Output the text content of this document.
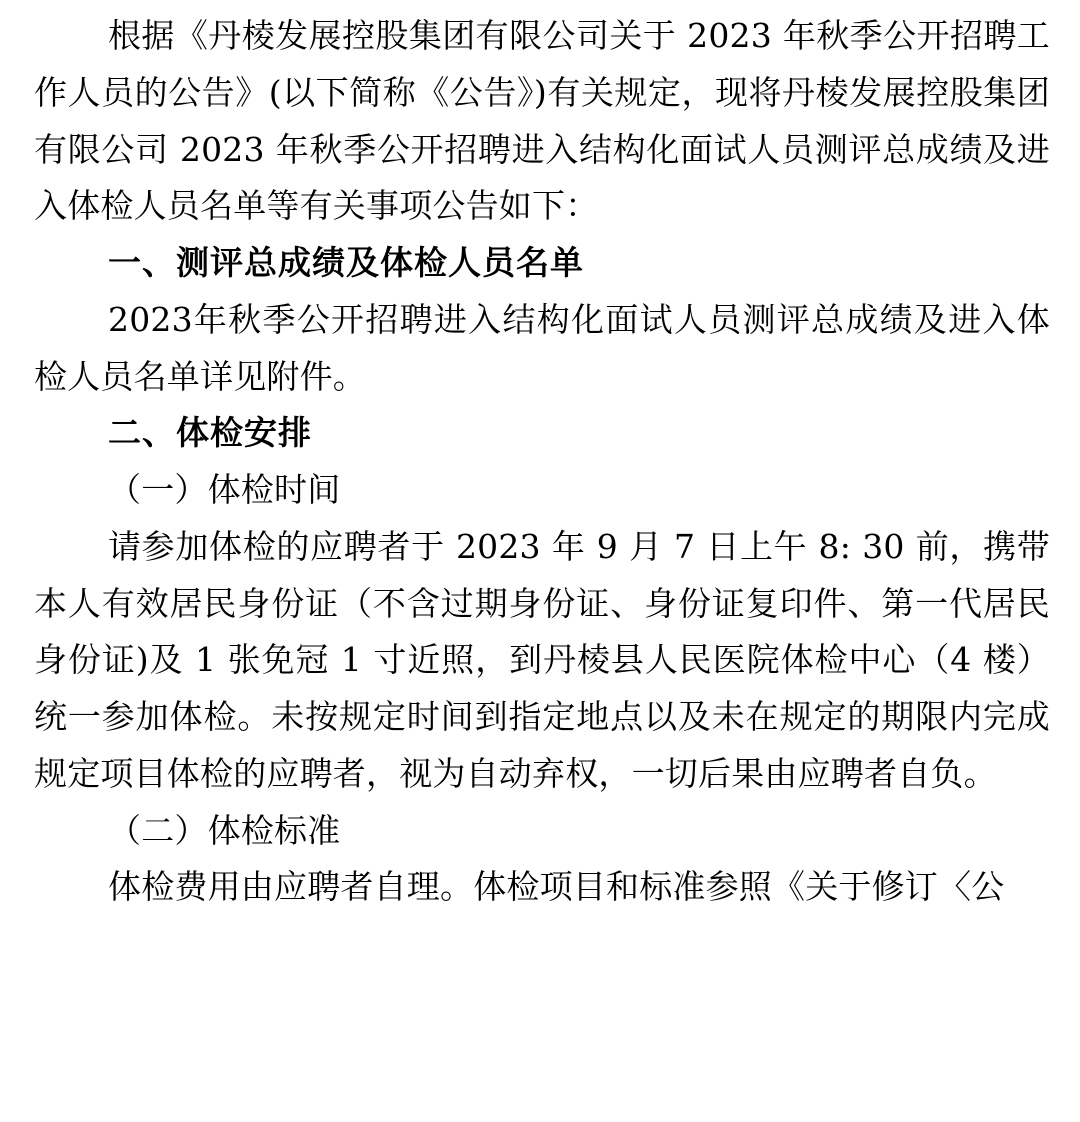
根据《丹棱发展控股集团有限公司关于 2023 年秋季公开招聘工作人员的公告》(以下简称《公告》)有关规定，现将丹棱发展控股集团有限公司 2023 年秋季公开招聘进入结构化面试人员测评总成绩及进入体检人员名单等有关事项公告如下：

一、测评总成绩及体检人员名单

2023年秋季公开招聘进入结构化面试人员测评总成绩及进入体检人员名单详见附件。

二、体检安排

（一）体检时间

请参加体检的应聘者于 2023 年 9 月 7 日上午 8: 30 前，携带本人有效居民身份证（不含过期身份证、身份证复印件、第一代居民身份证)及 1 张免冠 1 寸近照，到丹棱县人民医院体检中心（4 楼）统一参加体检。未按规定时间到指定地点以及未在规定的期限内完成规定项目体检的应聘者，视为自动弃权，一切后果由应聘者自负。

（二）体检标准

体检费用由应聘者自理。体检项目和标准参照《关于修订〈公
